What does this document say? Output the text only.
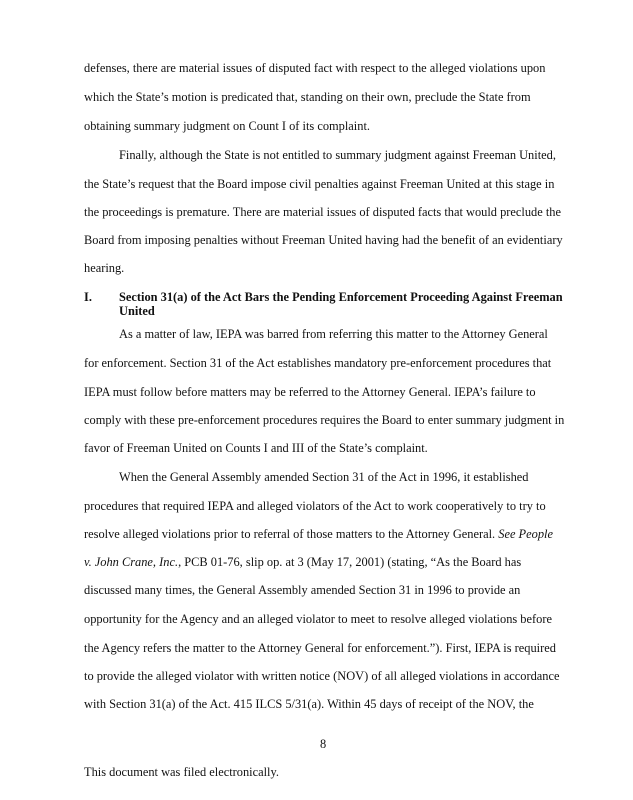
defenses, there are material issues of disputed fact with respect to the alleged violations upon
which the State’s motion is predicated that, standing on their own, preclude the State from
obtaining summary judgment on Count I of its complaint.
Finally, although the State is not entitled to summary judgment against Freeman United,
the State’s request that the Board impose civil penalties against Freeman United at this stage in
the proceedings is premature. There are material issues of disputed facts that would preclude the
Board from imposing penalties without Freeman United having had the benefit of an evidentiary
hearing.
I. Section 31(a) of the Act Bars the Pending Enforcement Proceeding Against Freeman
United
As a matter of law, IEPA was barred from referring this matter to the Attorney General
for enforcement. Section 31 of the Act establishes mandatory pre-enforcement procedures that
IEPA must follow before matters may be referred to the Attorney General. IEPA’s failure to
comply with these pre-enforcement procedures requires the Board to enter summary judgment in
favor of Freeman United on Counts I and III of the State’s complaint.
When the General Assembly amended Section 31 of the Act in 1996, it established
procedures that required IEPA and alleged violators of the Act to work cooperatively to try to
resolve alleged violations prior to referral of those matters to the Attorney General. See People
v. John Crane, Inc., PCB 01-76, slip op. at 3 (May 17, 2001) (stating, “As the Board has
discussed many times, the General Assembly amended Section 31 in 1996 to provide an
opportunity for the Agency and an alleged violator to meet to resolve alleged violations before
the Agency refers the matter to the Attorney General for enforcement.”). First, IEPA is required
to provide the alleged violator with written notice (NOV) of all alleged violations in accordance
with Section 31(a) of the Act. 415 ILCS 5/31(a). Within 45 days of receipt of the NOV, the
8
This document was filed electronically.
